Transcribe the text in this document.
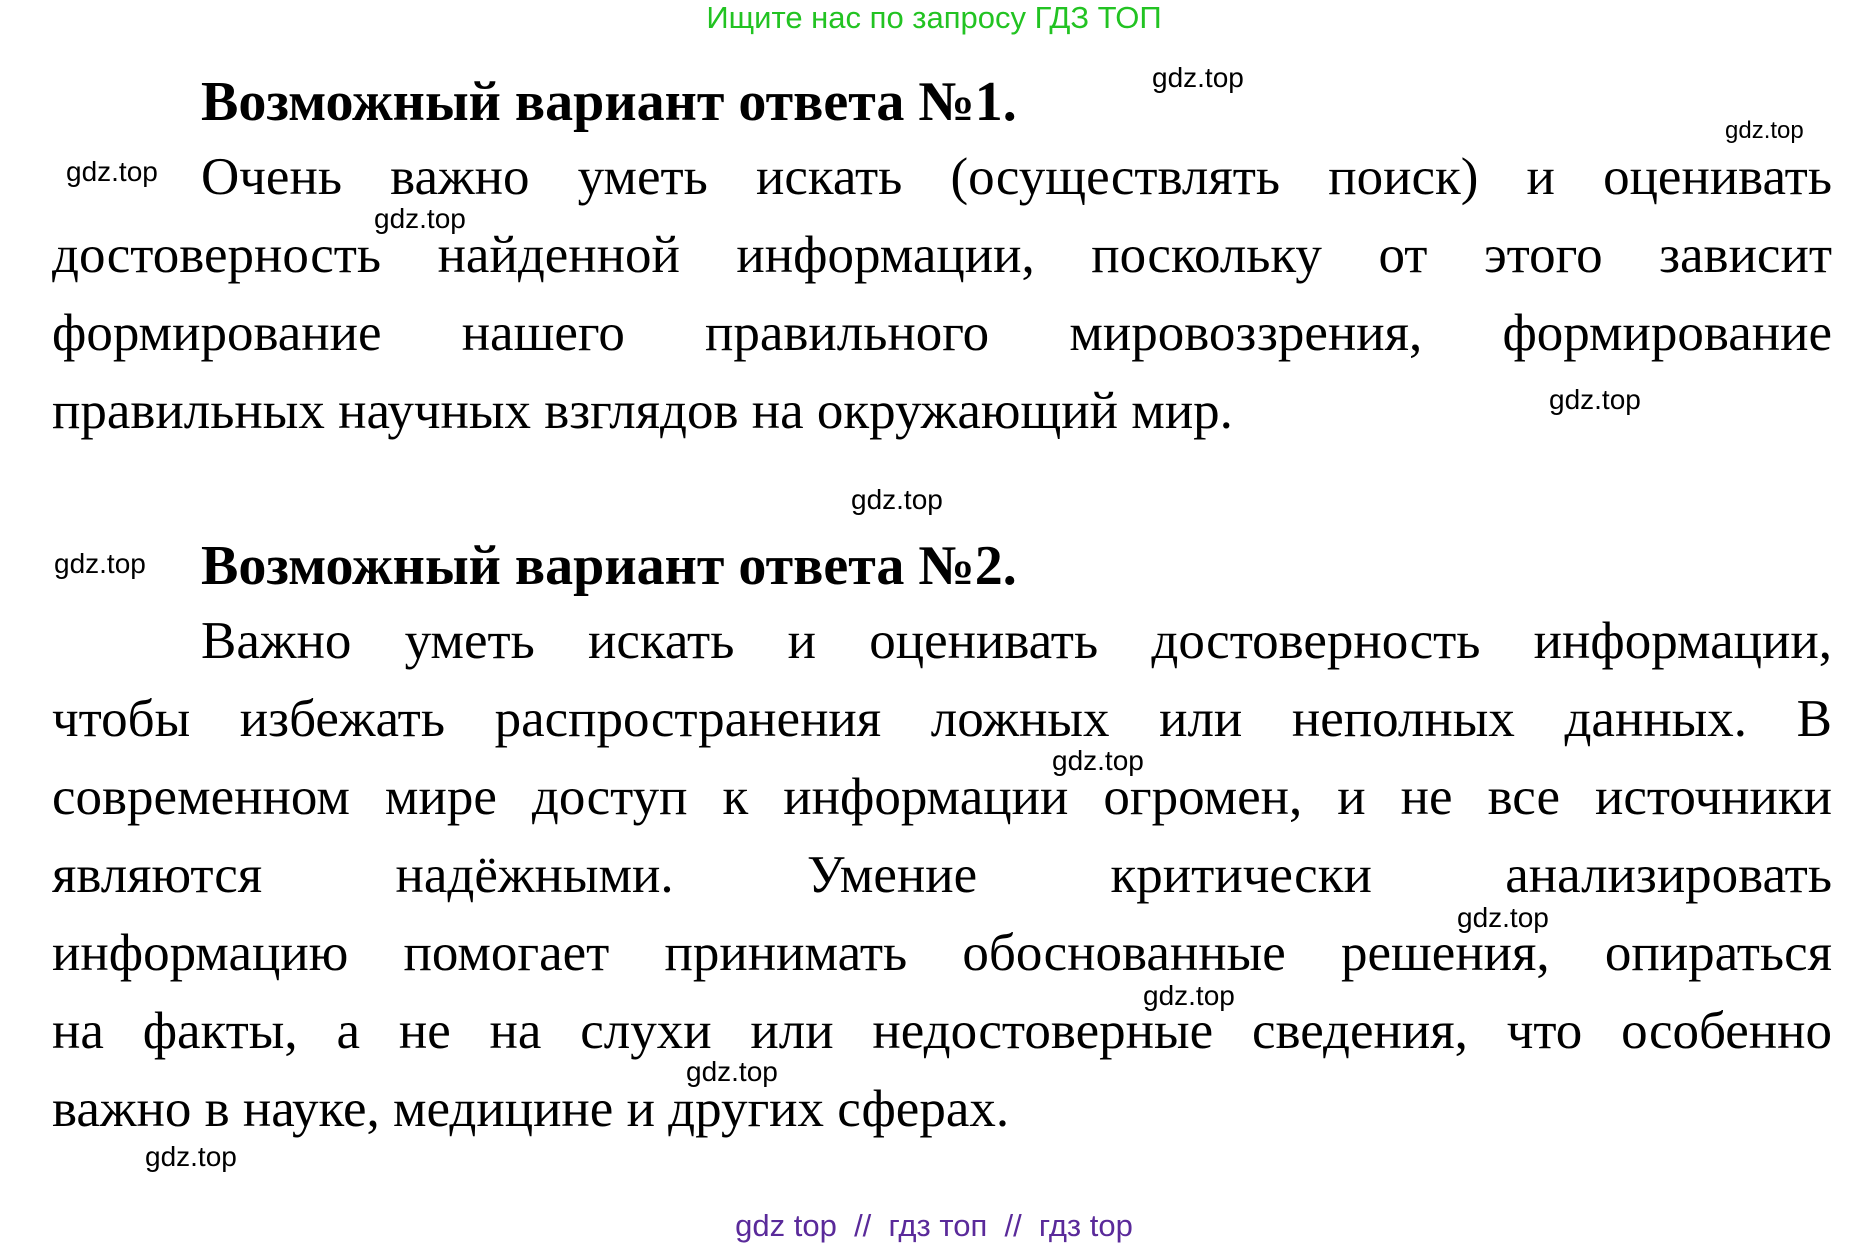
Ищите нас по запросу ГДЗ ТОП
Возможный вариант ответа №1.
Очень важно уметь искать (осуществлять поиск) и оценивать
достоверность найденной информации, поскольку от этого зависит
формирование нашего правильного мировоззрения, формирование
правильных научных взглядов на окружающий мир.
Возможный вариант ответа №2.
Важно уметь искать и оценивать достоверность информации,
чтобы избежать распространения ложных или неполных данных. В
современном мире доступ к информации огромен, и не все источники
являются надёжными. Умение критически анализировать
информацию помогает принимать обоснованные решения, опираться
на факты, а не на слухи или недостоверные сведения, что особенно
важно в науке, медицине и других сферах.
gdz.top
gdz.top
gdz.top
gdz.top
gdz.top
gdz.top
gdz.top
gdz.top
gdz.top
gdz.top
gdz.top
gdz.top
gdz top  //  гдз топ  //  гдз top
